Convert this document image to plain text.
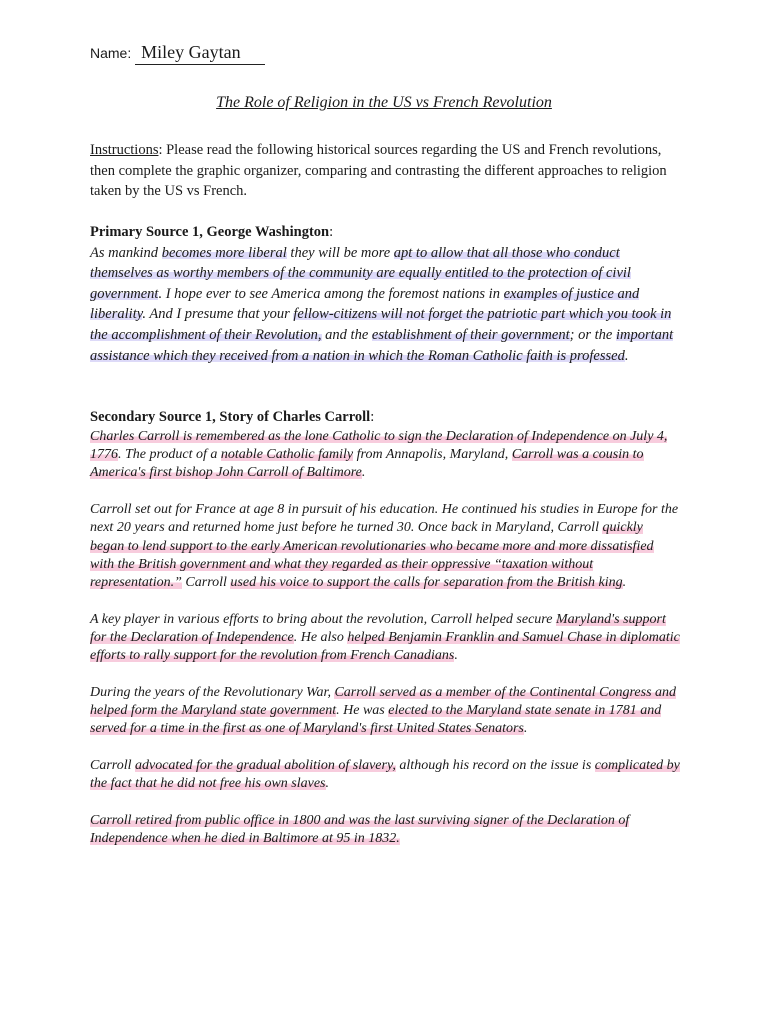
Name: Miley Gaytan
The Role of Religion in the US vs French Revolution
Instructions: Please read the following historical sources regarding the US and French revolutions, then complete the graphic organizer, comparing and contrasting the different approaches to religion taken by the US vs French.
Primary Source 1, George Washington:
As mankind becomes more liberal they will be more apt to allow that all those who conduct themselves as worthy members of the community are equally entitled to the protection of civil government. I hope ever to see America among the foremost nations in examples of justice and liberality. And I presume that your fellow-citizens will not forget the patriotic part which you took in the accomplishment of their Revolution, and the establishment of their government; or the important assistance which they received from a nation in which the Roman Catholic faith is professed.
Secondary Source 1, Story of Charles Carroll:
Charles Carroll is remembered as the lone Catholic to sign the Declaration of Independence on July 4, 1776. The product of a notable Catholic family from Annapolis, Maryland, Carroll was a cousin to America's first bishop John Carroll of Baltimore.
Carroll set out for France at age 8 in pursuit of his education. He continued his studies in Europe for the next 20 years and returned home just before he turned 30. Once back in Maryland, Carroll quickly began to lend support to the early American revolutionaries who became more and more dissatisfied with the British government and what they regarded as their oppressive “taxation without representation.” Carroll used his voice to support the calls for separation from the British king.
A key player in various efforts to bring about the revolution, Carroll helped secure Maryland's support for the Declaration of Independence. He also helped Benjamin Franklin and Samuel Chase in diplomatic efforts to rally support for the revolution from French Canadians.
During the years of the Revolutionary War, Carroll served as a member of the Continental Congress and helped form the Maryland state government. He was elected to the Maryland state senate in 1781 and served for a time in the first as one of Maryland's first United States Senators.
Carroll advocated for the gradual abolition of slavery, although his record on the issue is complicated by the fact that he did not free his own slaves.
Carroll retired from public office in 1800 and was the last surviving signer of the Declaration of Independence when he died in Baltimore at 95 in 1832.
